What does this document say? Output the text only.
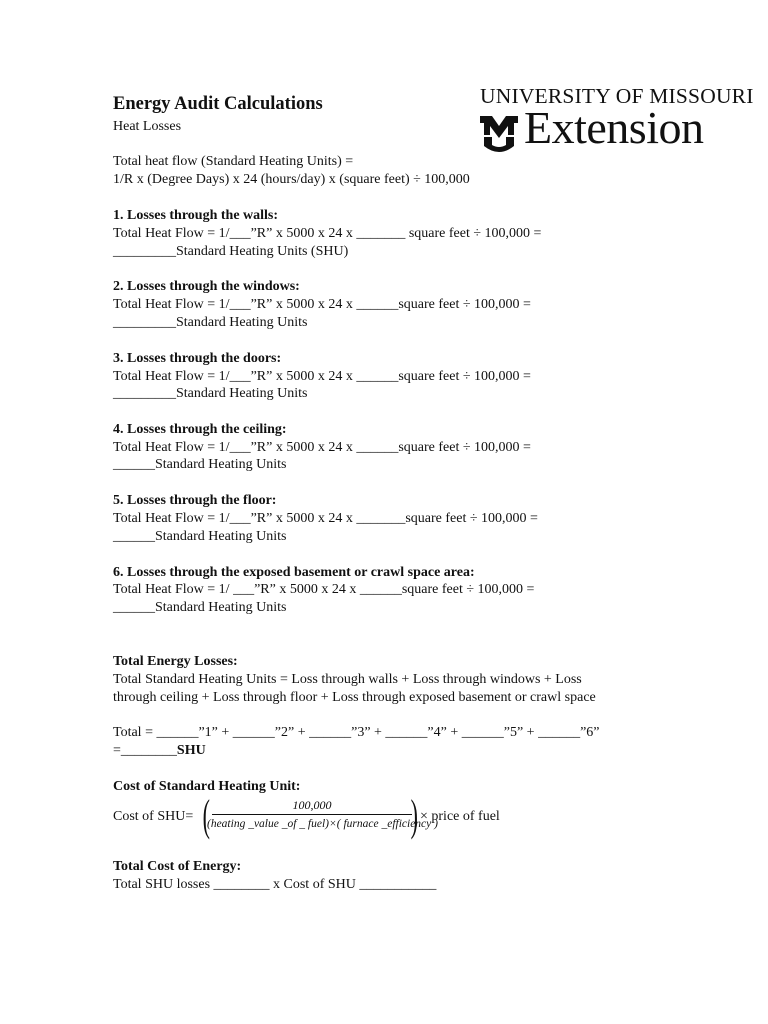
Energy Audit Calculations
Heat Losses
UNIVERSITY OF MISSOURI
Extension
Total heat flow (Standard Heating Units) =
1/R x (Degree Days) x 24 (hours/day) x (square feet) ÷ 100,000
1. Losses through the walls:
Total Heat Flow = 1/___”R” x 5000 x 24 x _______ square feet ÷ 100,000 =
_________Standard Heating Units (SHU)
2. Losses through the windows:
Total Heat Flow = 1/___”R” x 5000 x 24 x ______square feet ÷ 100,000 =
_________Standard Heating Units
3. Losses through the doors:
Total Heat Flow = 1/___”R” x 5000 x 24 x ______square feet ÷ 100,000 =
_________Standard Heating Units
4. Losses through the ceiling:
Total Heat Flow = 1/___”R” x 5000 x 24 x ______square feet ÷ 100,000 =
______Standard Heating Units
5. Losses through the floor:
Total Heat Flow = 1/___”R” x 5000 x 24 x _______square feet ÷ 100,000 =
______Standard Heating Units
6. Losses through the exposed basement or crawl space area:
Total Heat Flow = 1/ ___”R” x 5000 x 24 x ______square feet ÷ 100,000 =
______Standard Heating Units
Total Energy Losses:
Total Standard Heating Units = Loss through walls + Loss through windows + Loss
through ceiling + Loss through floor + Loss through exposed basement or crawl space
Total = ______”1” + ______”2” + ______”3” + ______”4” + ______”5” + ______”6”
=________SHU
Cost of Standard Heating Unit:
Cost of SHU= (	100,000
(heating _value _of _ fuel)×( furnace _efficiency )
) × price of fuel
Total Cost of Energy:
Total SHU losses ________ x Cost of SHU ___________
